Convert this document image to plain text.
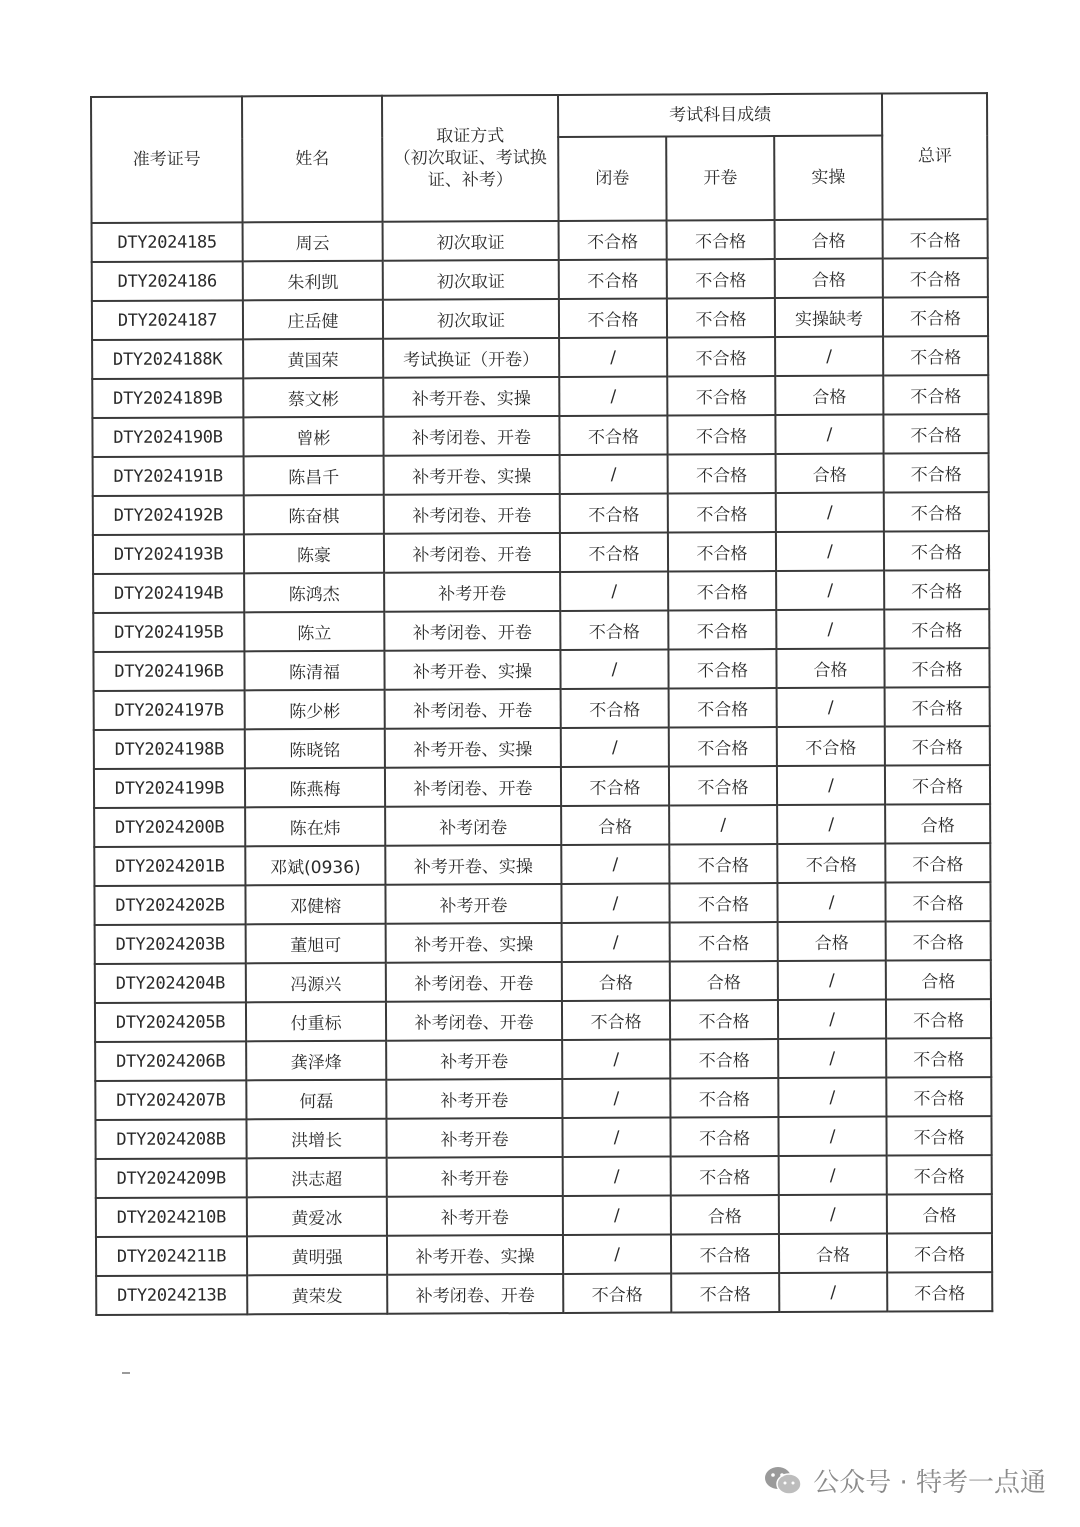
准考证号	姓名	取证方式
（初次取证、考试换证、补考）	考试科目成绩			总评
			闭卷	开卷	实操	
DTY2024185	周云	初次取证	不合格	不合格	合格	不合格
DTY2024186	朱利凯	初次取证	不合格	不合格	合格	不合格
DTY2024187	庄岳健	初次取证	不合格	不合格	实操缺考	不合格
DTY2024188K	黄国荣	考试换证（开卷）	/	不合格	/	不合格
DTY2024189B	蔡文彬	补考开卷、实操	/	不合格	合格	不合格
DTY2024190B	曾彬	补考闭卷、开卷	不合格	不合格	/	不合格
DTY2024191B	陈昌千	补考开卷、实操	/	不合格	合格	不合格
DTY2024192B	陈奋棋	补考闭卷、开卷	不合格	不合格	/	不合格
DTY2024193B	陈豪	补考闭卷、开卷	不合格	不合格	/	不合格
DTY2024194B	陈鸿杰	补考开卷	/	不合格	/	不合格
DTY2024195B	陈立	补考闭卷、开卷	不合格	不合格	/	不合格
DTY2024196B	陈清福	补考开卷、实操	/	不合格	合格	不合格
DTY2024197B	陈少彬	补考闭卷、开卷	不合格	不合格	/	不合格
DTY2024198B	陈晓铭	补考开卷、实操	/	不合格	不合格	不合格
DTY2024199B	陈燕梅	补考闭卷、开卷	不合格	不合格	/	不合格
DTY2024200B	陈在炜	补考闭卷	合格	/	/	合格
DTY2024201B	邓斌(0936)	补考开卷、实操	/	不合格	不合格	不合格
DTY2024202B	邓健榕	补考开卷	/	不合格	/	不合格
DTY2024203B	董旭可	补考开卷、实操	/	不合格	合格	不合格
DTY2024204B	冯源兴	补考闭卷、开卷	合格	合格	/	合格
DTY2024205B	付重标	补考闭卷、开卷	不合格	不合格	/	不合格
DTY2024206B	龚泽烽	补考开卷	/	不合格	/	不合格
DTY2024207B	何磊	补考开卷	/	不合格	/	不合格
DTY2024208B	洪增长	补考开卷	/	不合格	/	不合格
DTY2024209B	洪志超	补考开卷	/	不合格	/	不合格
DTY2024210B	黄爱冰	补考开卷	/	合格	/	合格
DTY2024211B	黄明强	补考开卷、实操	/	不合格	合格	不合格
DTY2024213B	黄荣发	补考闭卷、开卷	不合格	不合格	/	不合格
公众号 · 特考一点通
